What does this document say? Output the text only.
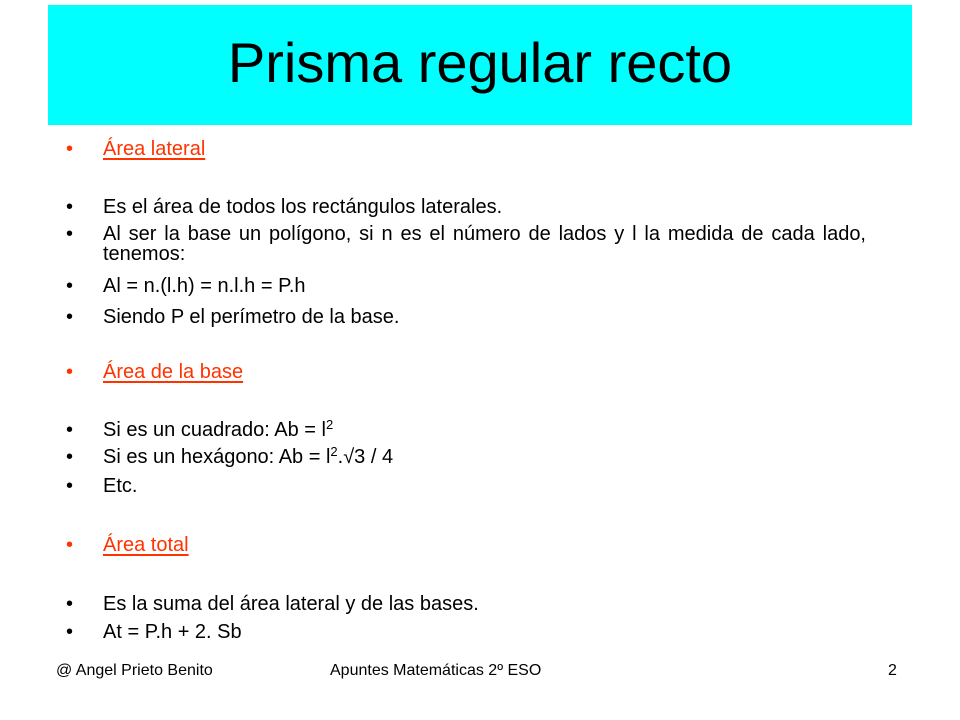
Prisma regular recto
•	Área lateral
•	Es el área de todos los rectángulos laterales.
•	Al ser la base un polígono, si n es el número de lados y l la medida de cada lado, tenemos:
•	Al = n.(l.h) = n.l.h = P.h
•	Siendo P el perímetro de la base.
•	Área de la base
•	Si es un cuadrado: $Ab = l^2$
•	Si es un hexágono: $Ab = l^2.√3 / 4$
•	Etc.
•	Área total
•	Es la suma del área lateral y de las bases.
•	At = P.h + 2. Sb
@ Angel Prieto Benito	Apuntes Matemáticas 2º ESO	2
